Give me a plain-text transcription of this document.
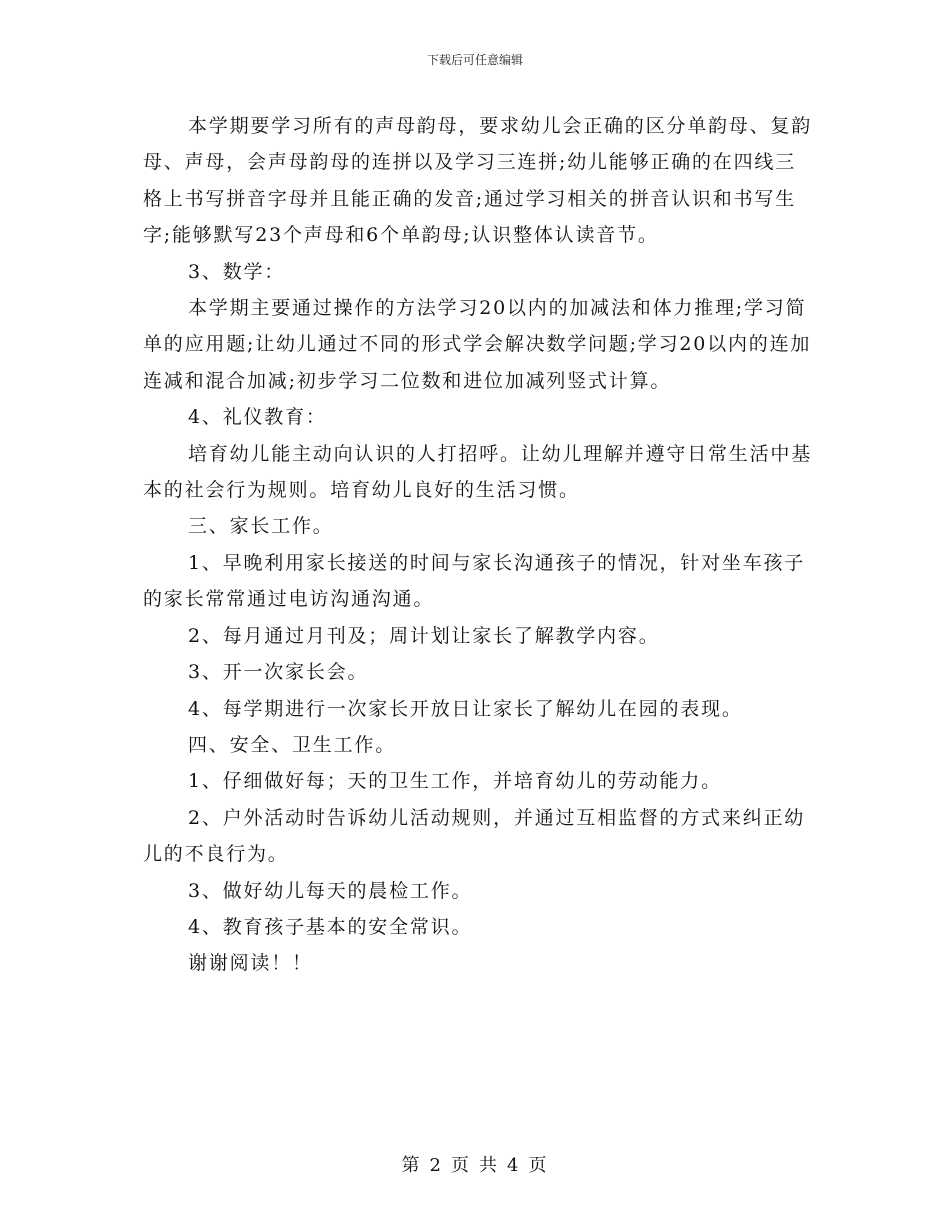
下载后可任意编辑

本学期要学习所有的声母韵母，要求幼儿会正确的区分单韵母、复韵母、声母，会声母韵母的连拼以及学习三连拼;幼儿能够正确的在四线三格上书写拼音字母并且能正确的发音;通过学习相关的拼音认识和书写生字;能够默写23个声母和6个单韵母;认识整体认读音节。

3、数学：

本学期主要通过操作的方法学习20以内的加减法和体力推理;学习简单的应用题;让幼儿通过不同的形式学会解决数学问题;学习20以内的连加连减和混合加减;初步学习二位数和进位加减列竖式计算。

4、礼仪教育：

培育幼儿能主动向认识的人打招呼。让幼儿理解并遵守日常生活中基本的社会行为规则。培育幼儿良好的生活习惯。

三、家长工作。

1、早晚利用家长接送的时间与家长沟通孩子的情况，针对坐车孩子的家长常常通过电访沟通沟通。

2、每月通过月刊及；周计划让家长了解教学内容。

3、开一次家长会。

4、每学期进行一次家长开放日让家长了解幼儿在园的表现。

四、安全、卫生工作。

1、仔细做好每；天的卫生工作，并培育幼儿的劳动能力。

2、户外活动时告诉幼儿活动规则，并通过互相监督的方式来纠正幼儿的不良行为。

3、做好幼儿每天的晨检工作。

4、教育孩子基本的安全常识。

谢谢阅读！！

第 2 页 共 4 页
